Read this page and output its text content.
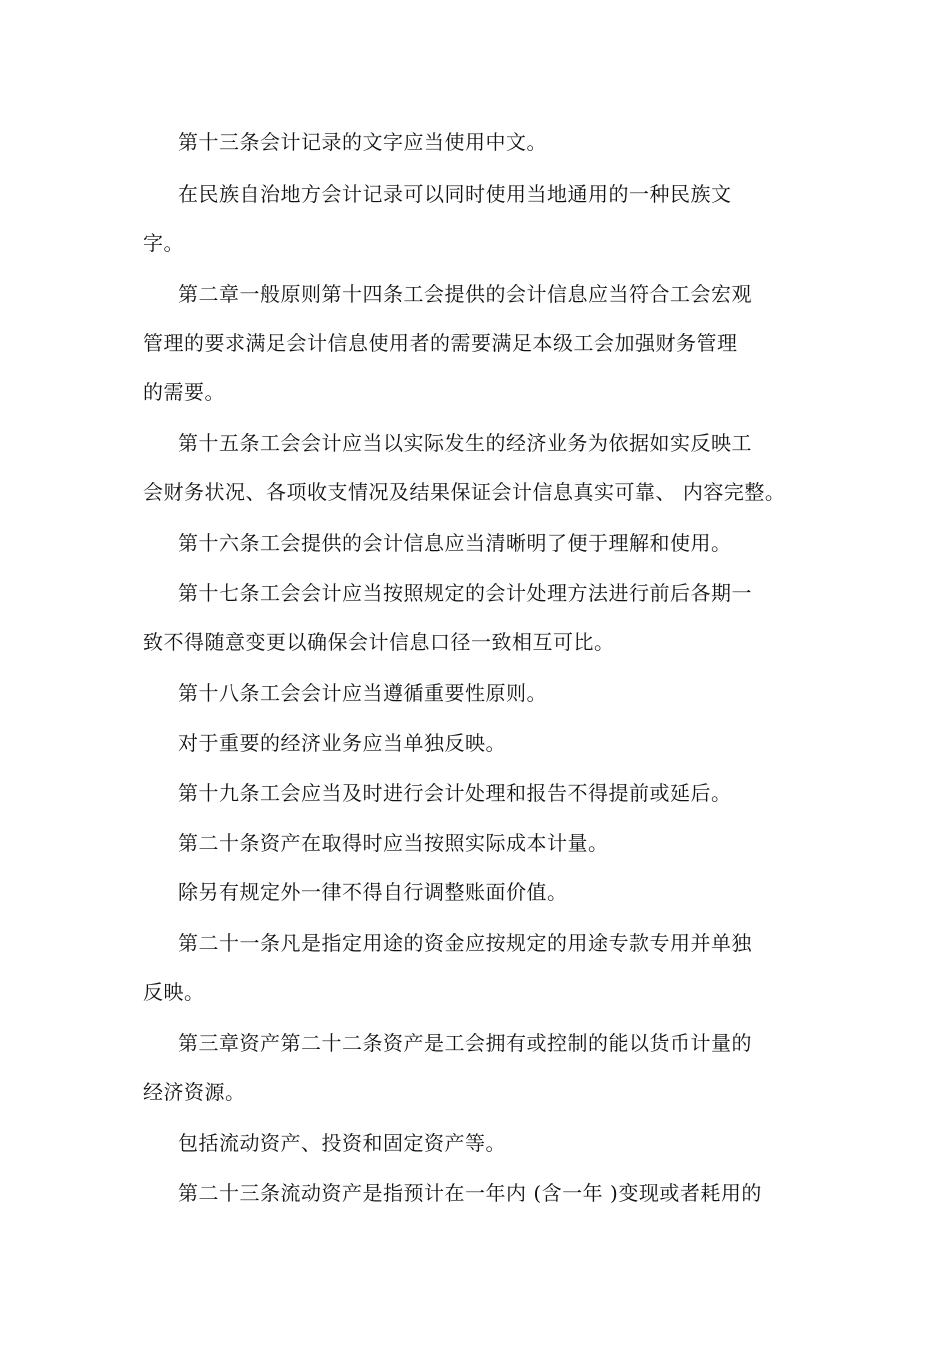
第十三条会计记录的文字应当使用中文。
在民族自治地方会计记录可以同时使用当地通用的一种民族文
字。
第二章一般原则第十四条工会提供的会计信息应当符合工会宏观
管理的要求满足会计信息使用者的需要满足本级工会加强财务管理
的需要。
第十五条工会会计应当以实际发生的经济业务为依据如实反映工
会财务状况、各项收支情况及结果保证会计信息真实可靠、 内容完整。
第十六条工会提供的会计信息应当清晰明了便于理解和使用。
第十七条工会会计应当按照规定的会计处理方法进行前后各期一
致不得随意变更以确保会计信息口径一致相互可比。
第十八条工会会计应当遵循重要性原则。
对于重要的经济业务应当单独反映。
第十九条工会应当及时进行会计处理和报告不得提前或延后。
第二十条资产在取得时应当按照实际成本计量。
除另有规定外一律不得自行调整账面价值。
第二十一条凡是指定用途的资金应按规定的用途专款专用并单独
反映。
第三章资产第二十二条资产是工会拥有或控制的能以货币计量的
经济资源。
包括流动资产、投资和固定资产等。
第二十三条流动资产是指预计在一年内 (含一年 )变现或者耗用的
